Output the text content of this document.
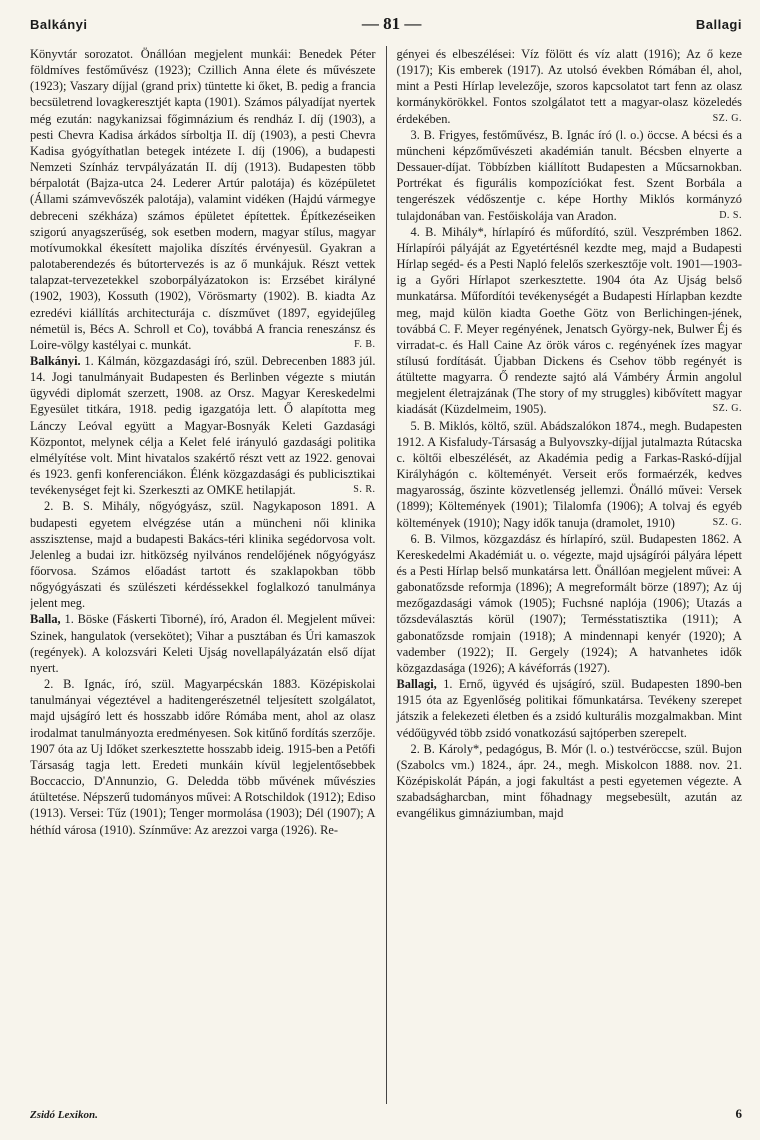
Balkányi	— 81 —	Ballagi

Könyvtár sorozatot. Önállóan megjelent munkái: Benedek Péter földmíves festőművész (1923); Czillich Anna élete és művészete (1923); Vaszary díjjal (grand prix) tüntette ki őket, B. pedig a francia becsületrend lovagkeresztjét kapta (1901). Számos pályadíjat nyertek még ezután: nagykanizsai főgimnázium és rendház I. díj (1903), a pesti Chevra Kadisa árkádos sírboltja II. díj (1903), a pesti Chevra Kadisa gyógyíthatlan betegek intézete I. díj (1906), a budapesti Nemzeti Színház tervpályázatán II. díj (1913). Budapesten több bérpalotát (Bajza-utca 24. Lederer Artúr palotája) és középületet (Állami számvevőszék palotája), valamint vidéken (Hajdú vármegye debreceni székháza) számos épületet építettek. Építkezéseiken szigorú anyagszerűség, sok esetben modern, magyar stílus, magyar motívumokkal ékesített majolika díszítés érvényesül. Gyakran a palotaberendezés és bútortervezés is az ő munkájuk. Részt vettek talapzat-tervezetekkel szoborpályázatokon is: Erzsébet királyné (1902, 1903), Kossuth (1902), Vörösmarty (1902). B. kiadta Az ezredévi kiállítás architecturája c. díszművet (1897, egyidejűleg németül is, Bécs A. Schroll et Co), továbbá A francia reneszánsz és Loire-völgy kastélyai c. munkát.	F. B.

Balkányi. 1. Kálmán, közgazdasági író, szül. Debrecenben 1883 júl. 14. Jogi tanulmányait Budapesten és Berlinben végezte s miután ügyvédi diplomát szerzett, 1908. az Orsz. Magyar Kereskedelmi Egyesület titkára, 1918. pedig igazgatója lett. Ő alapította meg Lánczy Leóval együtt a Magyar-Bosnyák Keleti Gazdasági Központot, melynek célja a Kelet felé irányuló gazdasági politika elmélyítése volt. Mint hivatalos szakértő részt vett az 1922. genovai és 1923. genfi konferenciákon. Élénk közgazdasági és publicisztikai tevékenységet fejt ki. Szerkeszti az OMKE hetilapját.	S. R.

2. B. S. Mihály, nőgyógyász, szül. Nagykaposon 1891. A budapesti egyetem elvégzése után a müncheni női klinika asszisztense, majd a budapesti Bakács-téri klinika segédorvosa volt. Jelenleg a budai izr. hitközség nyilvános rendelőjének nőgyógyász főorvosa. Számos előadást tartott és szaklapokban több nőgyógyászati és szülészeti kérdéssekkel foglalkozó tanulmánya jelent meg.

Balla, 1. Böske (Fáskerti Tiborné), író, Aradon él. Megjelent művei: Szinek, hangulatok (versekötet); Vihar a pusztában és Úri kamaszok (regények). A kolozsvári Keleti Ujság novellapályázatán első díjat nyert.

2. B. Ignác, író, szül. Magyarpécskán 1883. Középiskolai tanulmányai végeztével a haditengerészetnél teljesített szolgálatot, majd ujságíró lett és hosszabb időre Rómába ment, ahol az olasz irodalmat tanulmányozta eredményesen. Sok kitűnő fordítás szerzője. 1907 óta az Uj Időket szerkesztette hosszabb ideig. 1915-ben a Petőfi Társaság tagja lett. Eredeti munkáin kívül legjelentősebbek Boccaccio, D'Annunzio, G. Deledda több művének művészies átültetése. Népszerű tudományos művei: A Rotschildok (1912); Ediso (1913). Versei: Tűz (1901); Tenger mormolása (1903); Dél (1907); A héthíd városa (1910). Színműve: Az arezzoi varga (1926). Re-

gényei és elbeszélései: Víz fölött és víz alatt (1916); Az ő keze (1917); Kis emberek (1917). Az utolsó években Rómában él, ahol, mint a Pesti Hírlap levelezője, szoros kapcsolatot tart fenn az olasz kormánykörökkel. Fontos szolgálatot tett a magyar-olasz közeledés érdekében.	SZ. G.

3. B. Frigyes, festőművész, B. Ignác író (l. o.) öccse. A bécsi és a müncheni képzőművészeti akadémián tanult. Bécsben elnyerte a Dessauer-díjat. Többízben kiállított Budapesten a Műcsarnokban. Portrékat és figurális kompozíciókat fest. Szent Borbála a tengerészek védőszentje c. képe Horthy Miklós kormányzó tulajdonában van. Festőiskolája van Aradon.	D. S.

4. B. Mihály*, hírlapíró és műfordító, szül. Veszprémben 1862. Hírlapírói pályáját az Egyetértésnél kezdte meg, majd a Budapesti Hírlap segéd- és a Pesti Napló felelős szerkesztője volt. 1901—1903-ig a Győri Hírlapot szerkesztette. 1904 óta Az Ujság belső munkatársa. Műfordítói tevékenységét a Budapesti Hírlapban kezdte meg, majd külön kiadta Goethe Götz von Berlichingen-jének, továbbá C. F. Meyer regényének, Jenatsch György-nek, Bulwer Éj és virradat-c. és Hall Caine Az örök város c. regényének ízes magyar stílusú fordítását. Újabban Dickens és Csehov több regényét is átültette magyarra. Ő rendezte sajtó alá Vámbéry Ármin angolul megjelent életrajzának (The story of my struggles) kibővített magyar kiadását (Küzdelmeim, 1905).	SZ. G.

5. B. Miklós, költő, szül. Abádszalókon 1874., megh. Budapesten 1912. A Kisfaludy-Társaság a Bulyovszky-díjjal jutalmazta Rútacska c. költői elbeszélését, az Akadémia pedig a Farkas-Raskó-díjjal Királyhágón c. költeményét. Verseit erős formaérzék, kedves magyarosság, őszinte közvetlenség jellemzi. Önálló művei: Versek (1899); Költemények (1901); Tilalomfa (1906); A tolvaj és egyéb költemények (1910); Nagy idők tanuja (dramolet, 1910)	SZ. G.

6. B. Vilmos, közgazdász és hírlapíró, szül. Budapesten 1862. A Kereskedelmi Akadémiát u. o. végezte, majd ujságírói pályára lépett és a Pesti Hírlap belső munkatársa lett. Önállóan megjelent művei: A gabonatőzsde reformja (1896); A megreformált börze (1897); Az új mezőgazdasági vámok (1905); Fuchsné naplója (1906); Utazás a tőzsdeválasztás körül (1907); Termésstatisztika (1911); A gabonatőzsde romjain (1918); A mindennapi kenyér (1920); A vadember (1922); II. Gergely (1924); A hatvanhetes idők közgazdasága (1926); A kávéforrás (1927).

Ballagi, 1. Ernő, ügyvéd és ujságíró, szül. Budapesten 1890-ben 1915 óta az Egyenlőség politikai főmunkatársa. Tevékeny szerepet játszik a felekezeti életben és a zsidó kulturális mozgalmakban. Mint védőügyvéd több zsidó vonatkozású sajtóperben szerepelt.

2. B. Károly*, pedagógus, B. Mór (l. o.) testvéröccse, szül. Bujon (Szabolcs vm.) 1824., ápr. 24., megh. Miskolcon 1888. nov. 21. Középiskolát Pápán, a jogi fakultást a pesti egyetemen végezte. A szabadságharcban, mint főhadnagy megsebesült, azután az evangélikus gimnáziumban, majd

Zsidó Lexikon.	6
